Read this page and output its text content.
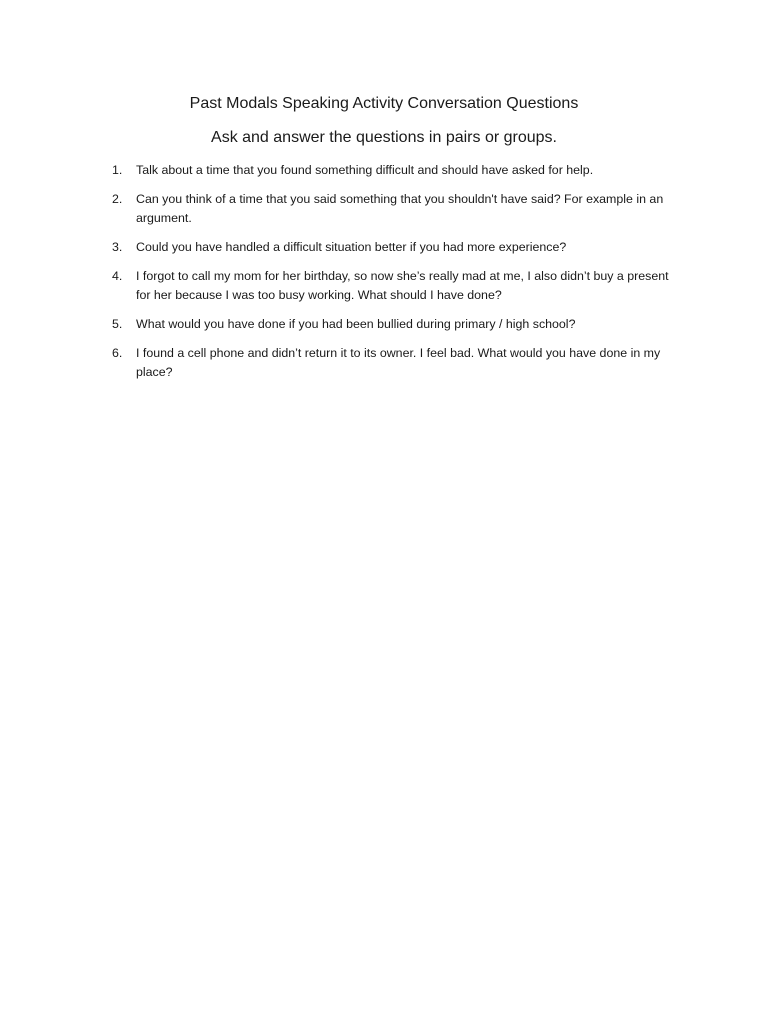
Past Modals Speaking Activity Conversation Questions
Ask and answer the questions in pairs or groups.
1.	Talk about a time that you found something difficult and should have asked for help.
2.	Can you think of a time that you said something that you shouldn't have said? For example in an argument.
3.	Could you have handled a difficult situation better if you had more experience?
4.	I forgot to call my mom for her birthday, so now she’s really mad at me, I also didn’t buy a present for her because I was too busy working. What should I have done?
5.	What would you have done if you had been bullied during primary / high school?
6.	I found a cell phone and didn’t return it to its owner. I feel bad. What would you have done in my place?
